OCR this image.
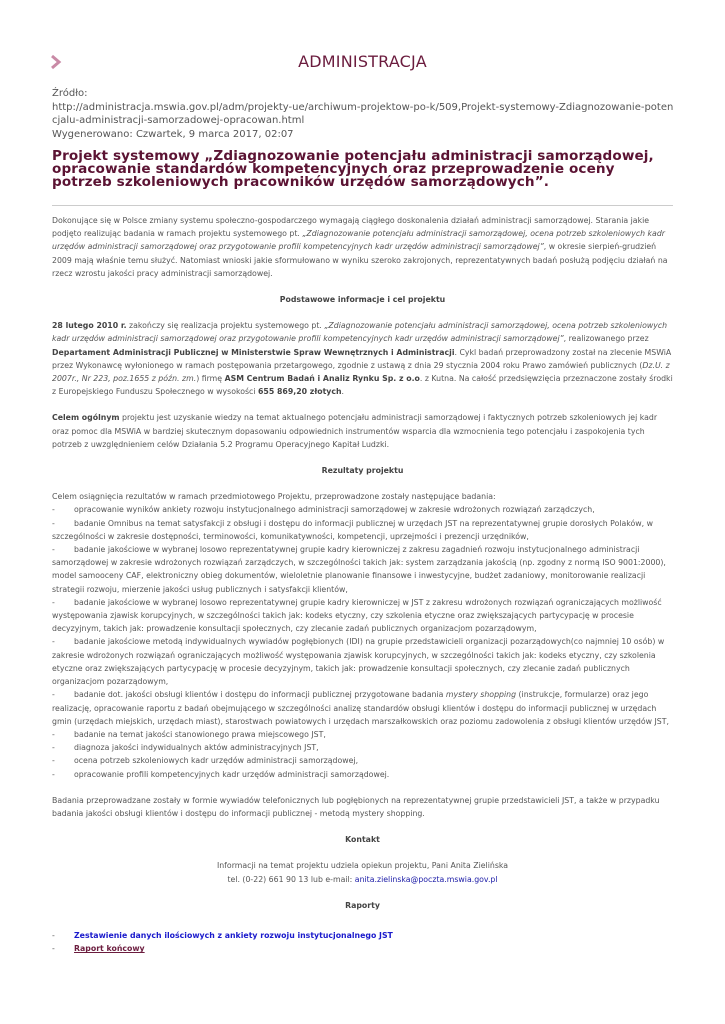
ADMINISTRACJA
Źródło:
http://administracja.mswia.gov.pl/adm/projekty-ue/archiwum-projektow-po-k/509,Projekt-systemowy-Zdiagnozowanie-potencjalu-administracji-samorzadowej-opracowan.html
Wygenerowano: Czwartek, 9 marca 2017, 02:07
Projekt systemowy „Zdiagnozowanie potencjału administracji samorządowej, opracowanie standardów kompetencyjnych oraz przeprowadzenie oceny potrzeb szkoleniowych pracowników urzędów samorządowych”.

Dokonujące się w Polsce zmiany systemu społeczno-gospodarczego wymagają ciągłego doskonalenia działań administracji samorządowej. Starania jakie podjęto realizując badania w ramach projektu systemowego pt. „Zdiagnozowanie potencjału administracji samorządowej, ocena potrzeb szkoleniowych kadr urzędów administracji samorządowej oraz przygotowanie profili kompetencyjnych kadr urzędów administracji samorządowej”, w okresie sierpień-grudzień 2009 mają właśnie temu służyć. Natomiast wnioski jakie sformułowano w wyniku szeroko zakrojonych, reprezentatywnych badań posłużą podjęciu działań na rzecz wzrostu jakości pracy administracji samorządowej.

Podstawowe informacje i cel projektu

28 lutego 2010 r. zakończy się realizacja projektu systemowego pt. „Zdiagnozowanie potencjału administracji samorządowej, ocena potrzeb szkoleniowych kadr urzędów administracji samorządowej oraz przygotowanie profili kompetencyjnych kadr urzędów administracji samorządowej”, realizowanego przez Departament Administracji Publicznej w Ministerstwie Spraw Wewnętrznych i Administracji. Cykl badań przeprowadzony został na zlecenie MSWiA przez Wykonawcę wyłonionego w ramach postępowania przetargowego, zgodnie z ustawą z dnia 29 stycznia 2004 roku Prawo zamówień publicznych (Dz.U. z 2007r., Nr 223, poz.1655 z późn. zm.) firmę ASM Centrum Badań i Analiz Rynku Sp. z o.o. z Kutna. Na całość przedsięwzięcia przeznaczone zostały środki z Europejskiego Funduszu Społecznego w wysokości 655 869,20 złotych.

Celem ogólnym projektu jest uzyskanie wiedzy na temat aktualnego potencjału administracji samorządowej i faktycznych potrzeb szkoleniowych jej kadr oraz pomoc dla MSWiA w bardziej skutecznym dopasowaniu odpowiednich instrumentów wsparcia dla wzmocnienia tego potencjału i zaspokojenia tych potrzeb z uwzględnieniem celów Działania 5.2 Programu Operacyjnego Kapitał Ludzki.

Rezultaty projektu

Celem osiągnięcia rezultatów w ramach przedmiotowego Projektu, przeprowadzone zostały następujące badania:

- opracowanie wyników ankiety rozwoju instytucjonalnego administracji samorządowej w zakresie wdrożonych rozwiązań zarządczych,

- badanie Omnibus na temat satysfakcji z obsługi i dostępu do informacji publicznej w urzędach JST na reprezentatywnej grupie dorosłych Polaków, w szczególności w zakresie dostępności, terminowości, komunikatywności, kompetencji, uprzejmości i prezencji urzędników,

- badanie jakościowe w wybranej losowo reprezentatywnej grupie kadry kierowniczej z zakresu zagadnień rozwoju instytucjonalnego administracji samorządowej w zakresie wdrożonych rozwiązań zarządczych, w szczególności takich jak: system zarządzania jakością (np. zgodny z normą ISO 9001:2000), model samooceny CAF, elektroniczny obieg dokumentów, wieloletnie planowanie finansowe i inwestycyjne, budżet zadaniowy, monitorowanie realizacji strategii rozwoju, mierzenie jakości usług publicznych i satysfakcji klientów,

- badanie jakościowe w wybranej losowo reprezentatywnej grupie kadry kierowniczej w JST z zakresu wdrożonych rozwiązań ograniczających możliwość występowania zjawisk korupcyjnych, w szczególności takich jak: kodeks etyczny, czy szkolenia etyczne oraz zwiększających partycypację w procesie decyzyjnym, takich jak: prowadzenie konsultacji społecznych, czy zlecanie zadań publicznych organizacjom pozarządowym,

- badanie jakościowe metodą indywidualnych wywiadów pogłębionych (IDI) na grupie przedstawicieli organizacji pozarządowych(co najmniej 10 osób) w zakresie wdrożonych rozwiązań ograniczających możliwość występowania zjawisk korupcyjnych, w szczególności takich jak: kodeks etyczny, czy szkolenia etyczne oraz zwiększających partycypację w procesie decyzyjnym, takich jak: prowadzenie konsultacji społecznych, czy zlecanie zadań publicznych organizacjom pozarządowym,

- badanie dot. jakości obsługi klientów i dostępu do informacji publicznej przygotowane badania mystery shopping (instrukcje, formularze) oraz jego realizację, opracowanie raportu z badań obejmującego w szczególności analizę standardów obsługi klientów i dostępu do informacji publicznej w urzędach gmin (urzędach miejskich, urzędach miast), starostwach powiatowych i urzędach marszałkowskich oraz poziomu zadowolenia z obsługi klientów urzędów JST,

- badanie na temat jakości stanowionego prawa miejscowego JST,

- diagnoza jakości indywidualnych aktów administracyjnych JST,

- ocena potrzeb szkoleniowych kadr urzędów administracji samorządowej,

- opracowanie profili kompetencyjnych kadr urzędów administracji samorządowej.

Badania przeprowadzane zostały w formie wywiadów telefonicznych lub pogłębionych na reprezentatywnej grupie przedstawicieli JST, a także w przypadku badania jakości obsługi klientów i dostępu do informacji publicznej - metodą mystery shopping.

Kontakt

Informacji na temat projektu udziela opiekun projektu, Pani Anita Zielińska

tel. (0-22) 661 90 13 lub e-mail: anita.zielinska@poczta.mswia.gov.pl

Raporty

- Zestawienie danych ilościowych z ankiety rozwoju instytucjonalnego JST

- Raport końcowy
